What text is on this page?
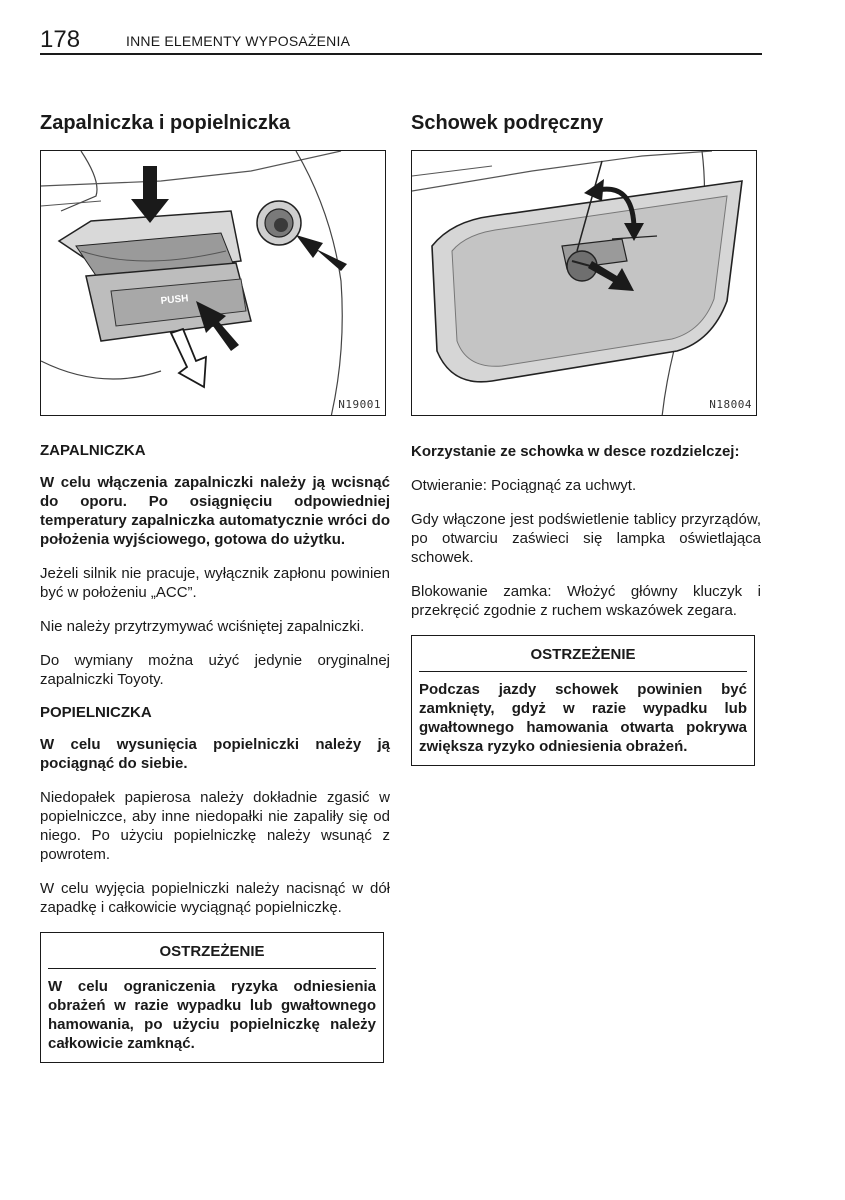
178	INNE ELEMENTY WYPOSAŻENIA
Zapalniczka i popielniczka
PUSH
N19001
ZAPALNICZKA

W celu włączenia zapalniczki należy ją wcisnąć do oporu. Po osiągnięciu odpowiedniej temperatury zapalniczka automatycznie wróci do położenia wyjściowego, gotowa do użytku.

Jeżeli silnik nie pracuje, wyłącznik zapłonu powinien być w położeniu „ACC”.

Nie należy przytrzymywać wciśniętej zapalniczki.

Do wymiany można użyć jedynie oryginalnej zapalniczki Toyoty.

POPIELNICZKA

W celu wysunięcia popielniczki należy ją pociągnąć do siebie.

Niedopałek papierosa należy dokładnie zgasić w popielniczce, aby inne niedopałki nie zapaliły się od niego. Po użyciu popielniczkę należy wsunąć z powrotem.

W celu wyjęcia popielniczki należy nacisnąć w dół zapadkę i całkowicie wyciągnąć popielniczkę.

OSTRZEŻENIE

W celu ograniczenia ryzyka odniesienia obrażeń w razie wypadku lub gwałtownego hamowania, po użyciu popielniczkę należy całkowicie zamknąć.

Schowek podręczny
N18004

Korzystanie ze schowka w desce rozdzielczej:

Otwieranie: Pociągnąć za uchwyt.

Gdy włączone jest podświetlenie tablicy przyrządów, po otwarciu zaświeci się lampka oświetlająca schowek.

Blokowanie zamka: Włożyć główny kluczyk i przekręcić zgodnie z ruchem wskazówek zegara.

OSTRZEŻENIE

Podczas jazdy schowek powinien być zamknięty, gdyż w razie wypadku lub gwałtownego hamowania otwarta pokrywa zwiększa ryzyko odniesienia obrażeń.
